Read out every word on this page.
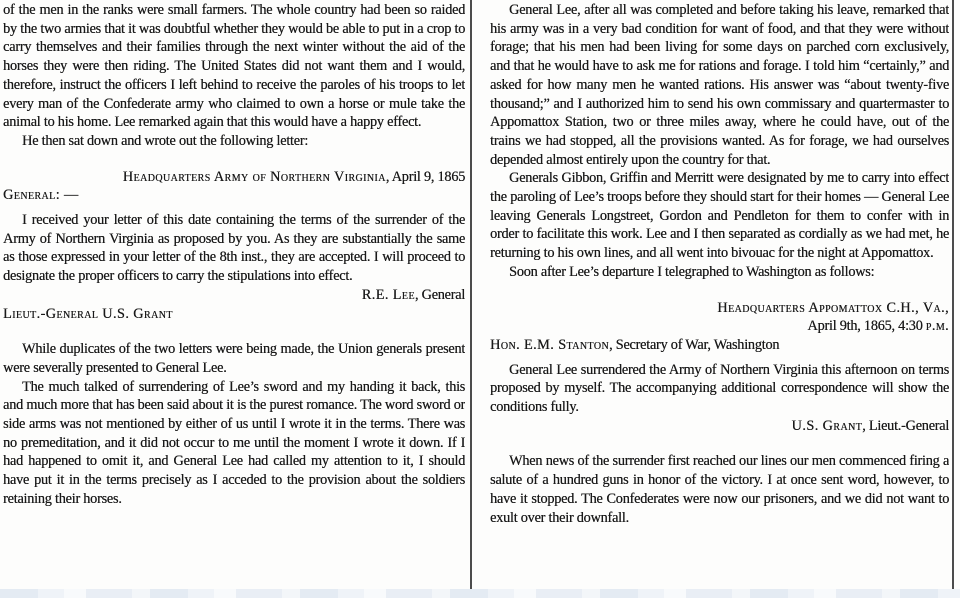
of the men in the ranks were small farmers. The whole country had been so raided by the two armies that it was doubtful whether they would be able to put in a crop to carry themselves and their families through the next winter without the aid of the horses they were then riding. The United States did not want them and I would, therefore, instruct the officers I left behind to receive the paroles of his troops to let every man of the Confederate army who claimed to own a horse or mule take the animal to his home. Lee remarked again that this would have a happy effect.

He then sat down and wrote out the following letter:

Headquarters Army of Northern Virginia, April 9, 1865

General: —

I received your letter of this date containing the terms of the surrender of the Army of Northern Virginia as proposed by you. As they are substantially the same as those expressed in your letter of the 8th inst., they are accepted. I will proceed to designate the proper officers to carry the stipulations into effect.

R.E. Lee, General

Lieut.-General U.S. Grant

While duplicates of the two letters were being made, the Union generals present were severally presented to General Lee.

The much talked of surrendering of Lee’s sword and my handing it back, this and much more that has been said about it is the purest romance. The word sword or side arms was not mentioned by either of us until I wrote it in the terms. There was no premeditation, and it did not occur to me until the moment I wrote it down. If I had happened to omit it, and General Lee had called my attention to it, I should have put it in the terms precisely as I acceded to the provision about the soldiers retaining their horses.

General Lee, after all was completed and before taking his leave, remarked that his army was in a very bad condition for want of food, and that they were without forage; that his men had been living for some days on parched corn exclusively, and that he would have to ask me for rations and forage. I told him “certainly,” and asked for how many men he wanted rations. His answer was “about twenty-five thousand;” and I authorized him to send his own commissary and quartermaster to Appomattox Station, two or three miles away, where he could have, out of the trains we had stopped, all the provisions wanted. As for forage, we had ourselves depended almost entirely upon the country for that.

Generals Gibbon, Griffin and Merritt were designated by me to carry into effect the paroling of Lee’s troops before they should start for their homes — General Lee leaving Generals Longstreet, Gordon and Pendleton for them to confer with in order to facilitate this work. Lee and I then separated as cordially as we had met, he returning to his own lines, and all went into bivouac for the night at Appomattox.

Soon after Lee’s departure I telegraphed to Washington as follows:

Headquarters Appomattox C.H., Va.,

April 9th, 1865, 4:30 p.m.

Hon. E.M. Stanton, Secretary of War, Washington

General Lee surrendered the Army of Northern Virginia this afternoon on terms proposed by myself. The accompanying additional correspondence will show the conditions fully.

U.S. Grant, Lieut.-General

When news of the surrender first reached our lines our men commenced firing a salute of a hundred guns in honor of the victory. I at once sent word, however, to have it stopped. The Confederates were now our prisoners, and we did not want to exult over their downfall.
